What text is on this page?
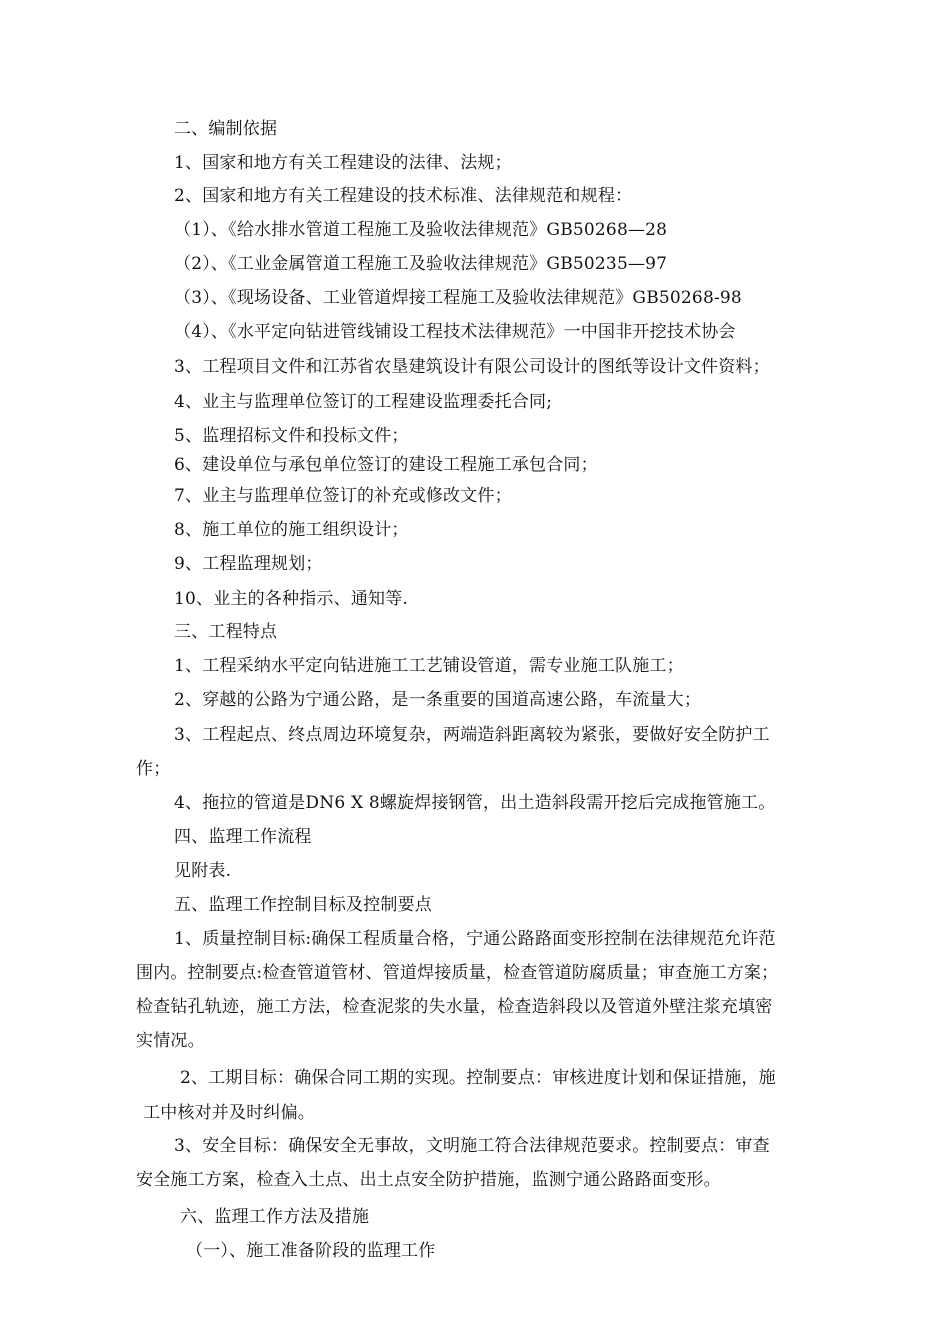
二、编制依据
1、国家和地方有关工程建设的法律、法规；
2、国家和地方有关工程建设的技术标准、法律规范和规程：
（1）、《给水排水管道工程施工及验收法律规范》GB50268—28
（2）、《工业金属管道工程施工及验收法律规范》GB50235—97
（3）、《现场设备、工业管道焊接工程施工及验收法律规范》GB50268-98
（4）、《水平定向钻进管线铺设工程技术法律规范》一中国非开挖技术协会
3、工程项目文件和江苏省农垦建筑设计有限公司设计的图纸等设计文件资料；
4、业主与监理单位签订的工程建设监理委托合同;
5、监理招标文件和投标文件；
6、建设单位与承包单位签订的建设工程施工承包合同；
7、业主与监理单位签订的补充或修改文件；
8、施工单位的施工组织设计；
9、工程监理规划；
10、业主的各种指示、通知等.
三、工程特点
1、工程采纳水平定向钻进施工工艺铺设管道，需专业施工队施工；
2、穿越的公路为宁通公路，是一条重要的国道高速公路，车流量大；
3、工程起点、终点周边环境复杂，两端造斜距离较为紧张，要做好安全防护工
作；
4、拖拉的管道是DN6 X 8螺旋焊接钢管，出土造斜段需开挖后完成拖管施工。
四、监理工作流程
见附表.
五、监理工作控制目标及控制要点
1、质量控制目标:确保工程质量合格，宁通公路路面变形控制在法律规范允许范
围内。控制要点:检查管道管材、管道焊接质量，检查管道防腐质量；审查施工方案；
检查钻孔轨迹，施工方法，检查泥浆的失水量，检查造斜段以及管道外壁注浆充填密
实情况。
2、工期目标：确保合同工期的实现。控制要点：审核进度计划和保证措施，施
工中核对并及时纠偏。
3、安全目标：确保安全无事故，文明施工符合法律规范要求。控制要点：审查
安全施工方案，检查入土点、出土点安全防护措施，监测宁通公路路面变形。
六、监理工作方法及措施
（一）、施工准备阶段的监理工作
